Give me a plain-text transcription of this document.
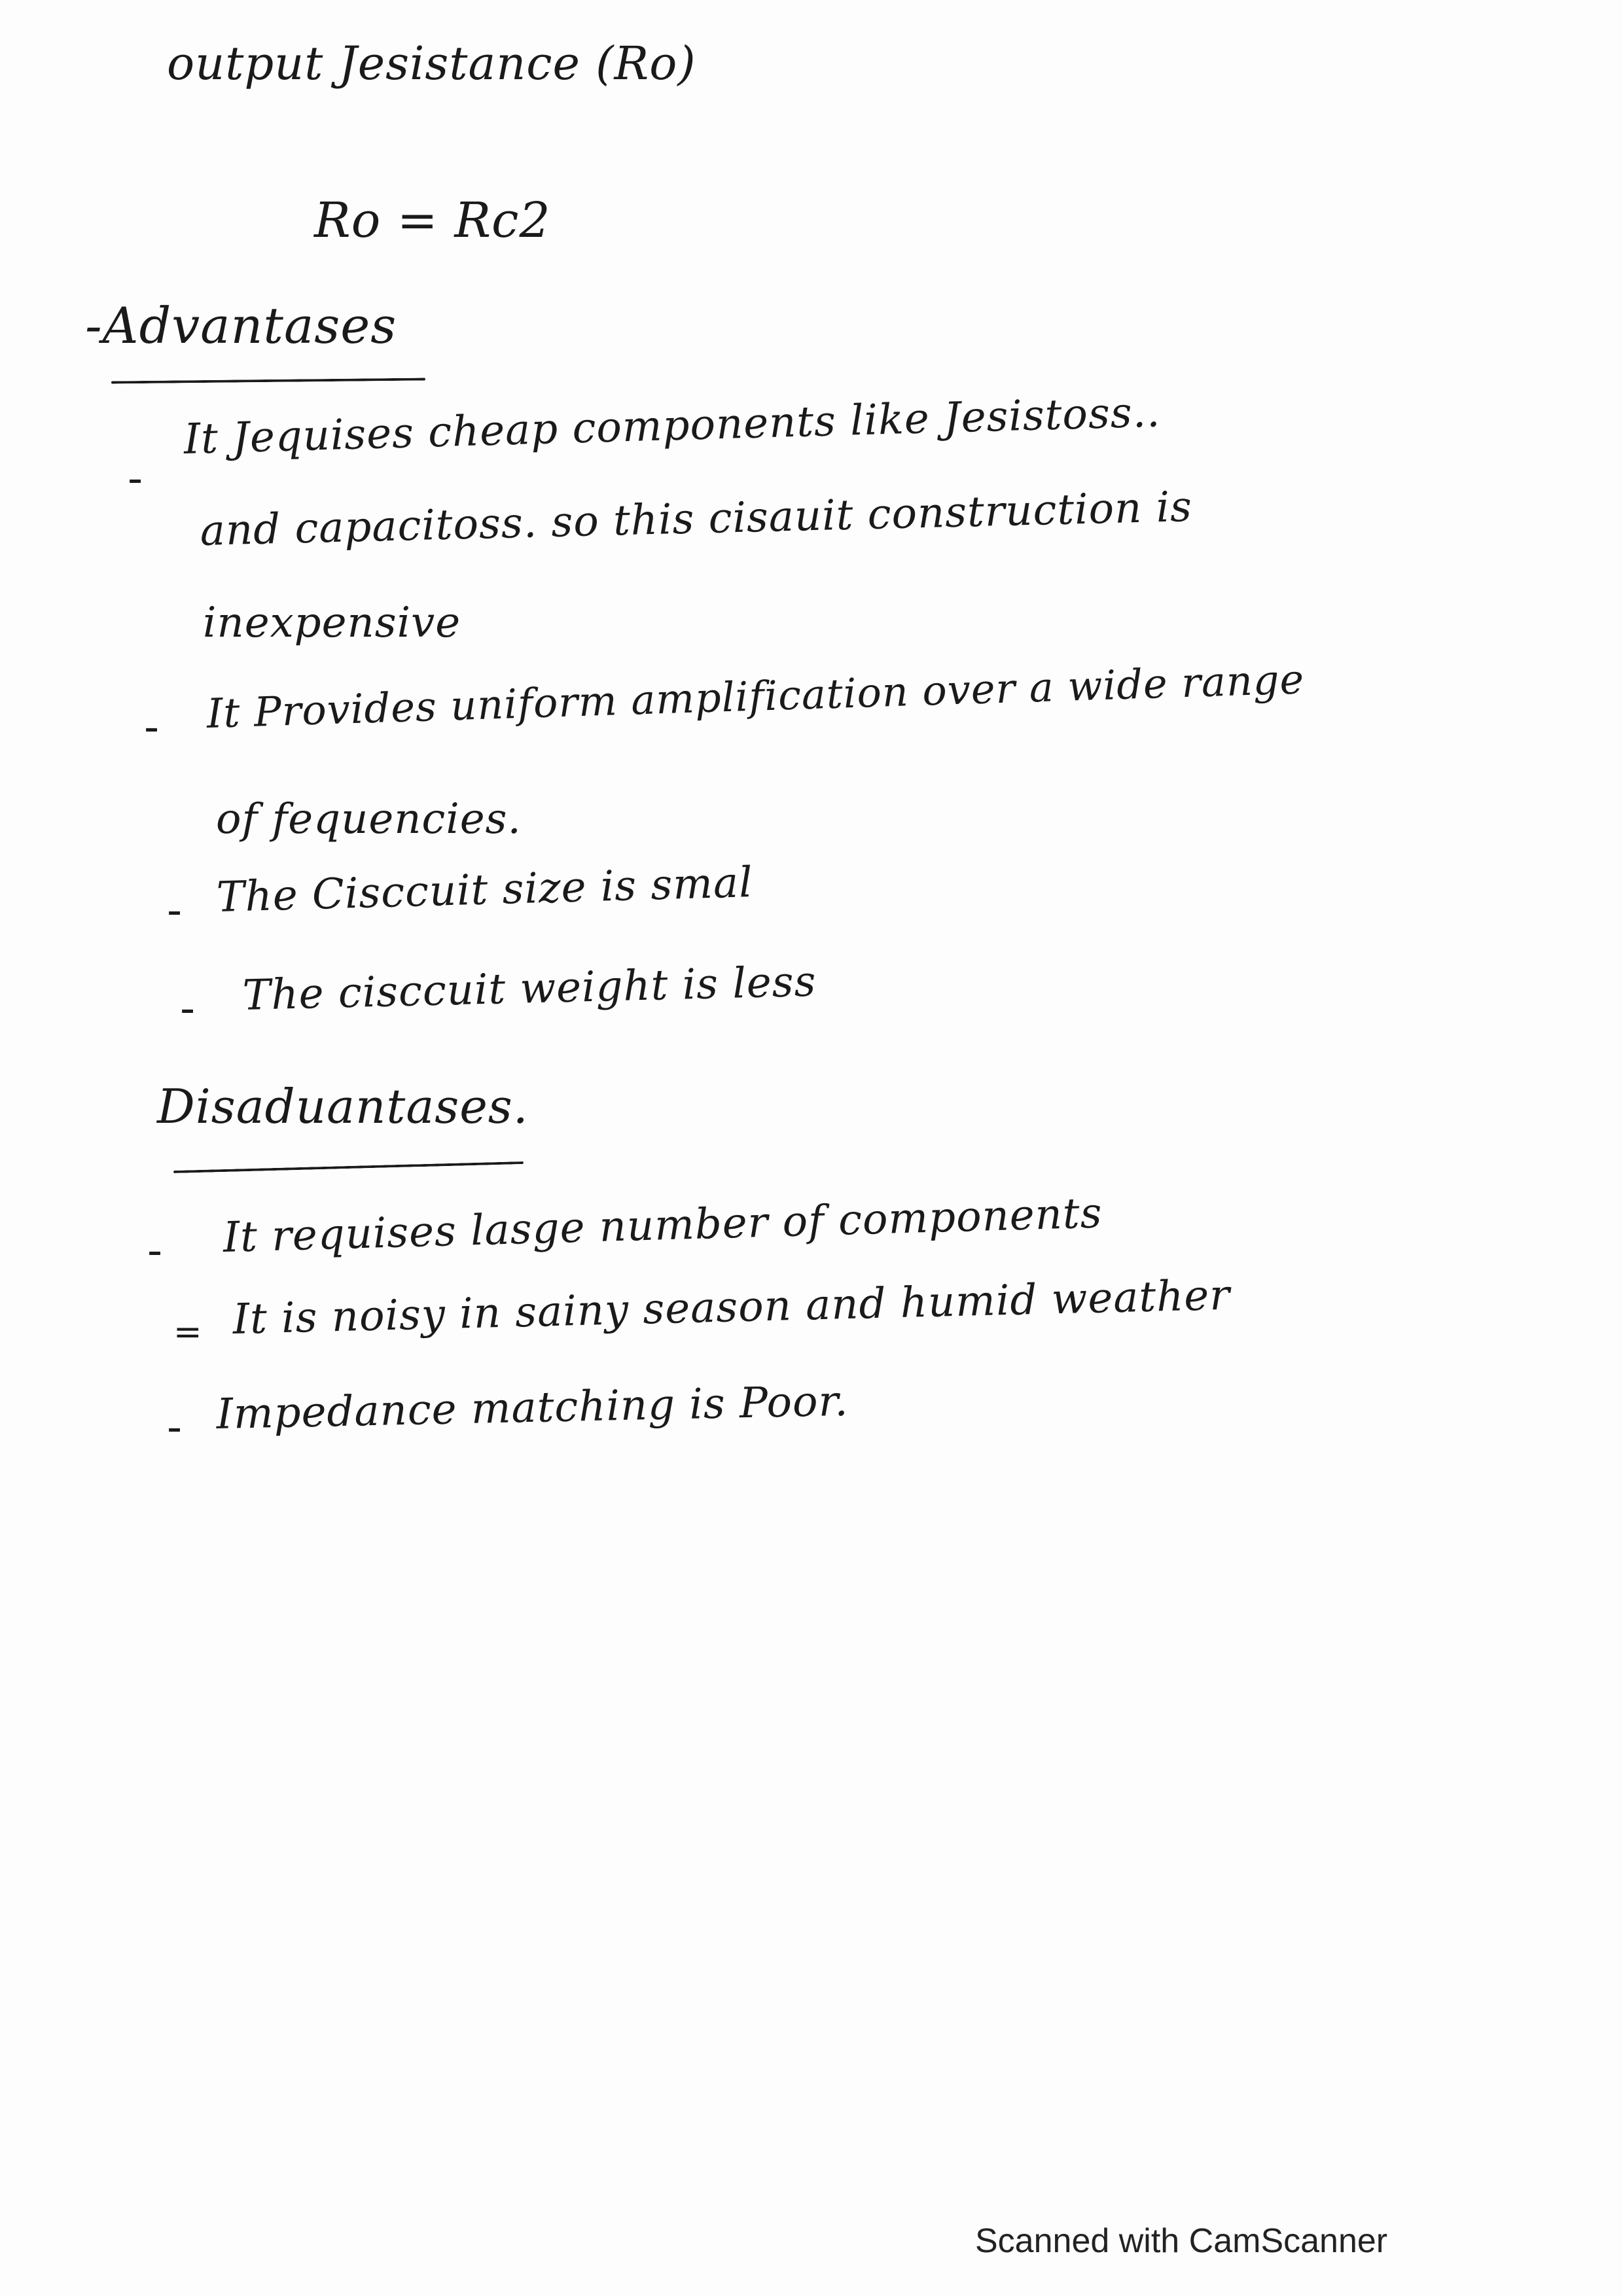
output Jesistance (Ro)
Ro = Rc2
-Advantases
-
It Jequises cheap components like Jesistoss..
and capacitoss. so this cisauit construction is
inexpensive
- It Provides uniform amplification over a wide range
of fequencies.
- The Cisccuit size is smal
- The cisccuit weight is less
Disaduantases.
- It requises lasge number of components
= It is noisy in sainy season and humid weather
- Impedance matching is Poor.
Scanned with CamScanner
